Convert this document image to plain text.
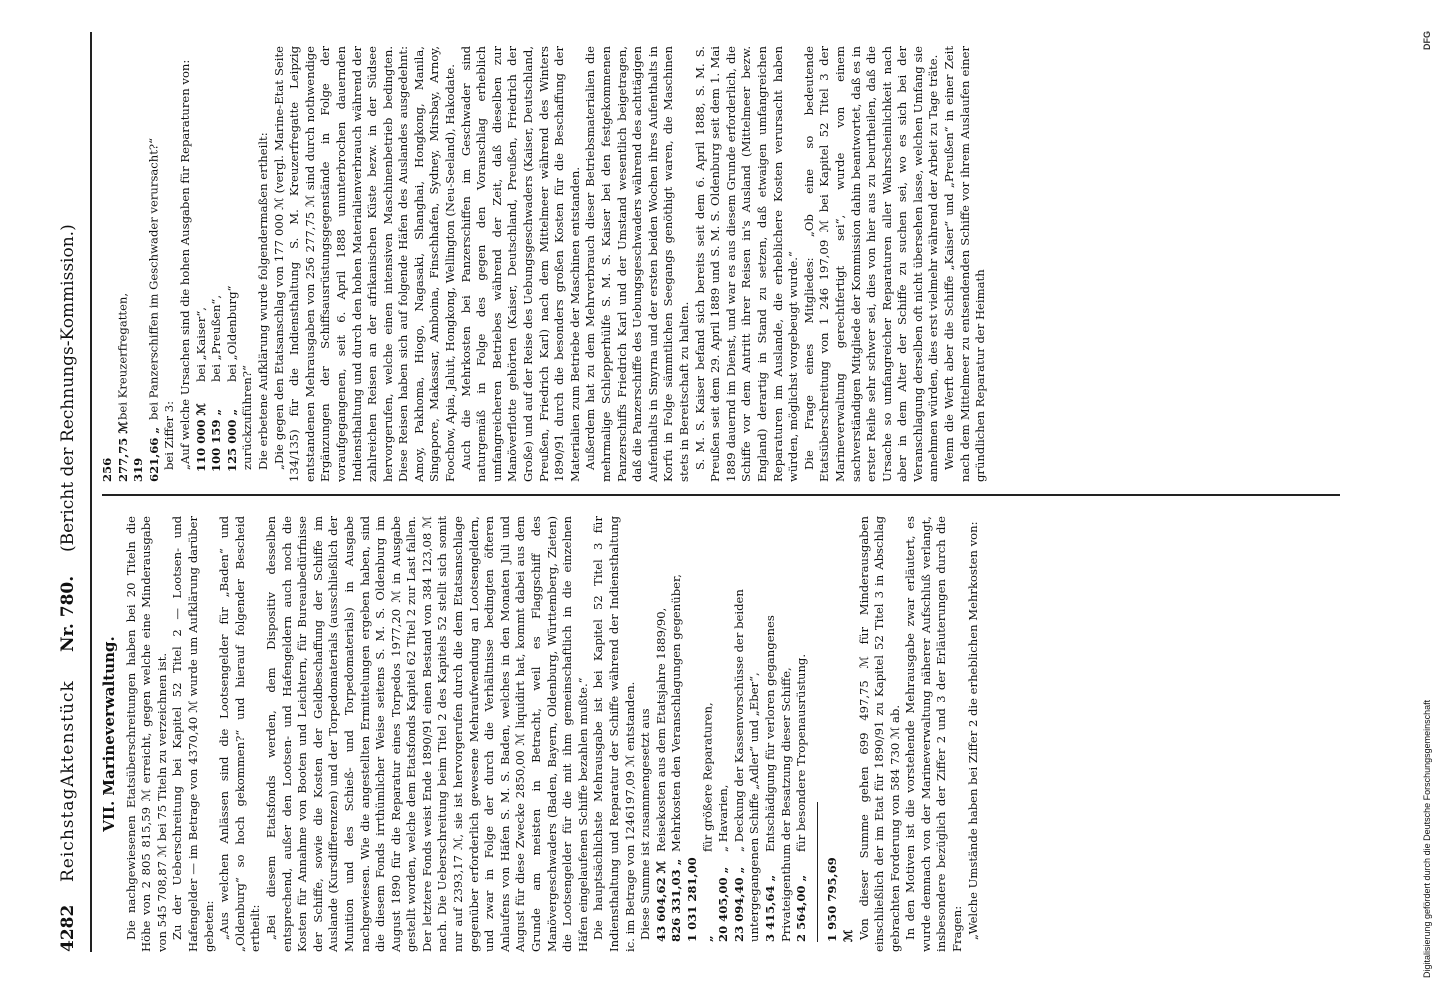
4282
Reichstag.
Aktenstück
Nr. 780.
(Bericht der Rechnungs-Kommission.)
VII. Marineverwaltung. Die nachgewiesenen Etatsüberschreitungen haben bei 20 Titeln die Höhe von 2 805 815,59 ℳ erreicht, gegen welche eine Minderausgabe von 545 708,87 ℳ bei 75 Titeln zu verzeichnen ist. Zu der Ueberschreitung bei Kapitel 52 Titel 2 — Lootsen- und Hafengelder — im Betrage von 4370,40 ℳ wurde um Aufklärung darüber gebeten: „Aus welchen Anlässen sind die Lootsengelder für „Baden“ und „Oldenburg“ so hoch gekommen?“ und hierauf folgender Bescheid ertheilt: „Bei diesem Etatsfonds werden, dem Dispositiv desselben entsprechend, außer den Lootsen- und Hafengeldern auch noch die Kosten für Annahme von Booten und Leichtern, für Bureaubedürfnisse der Schiffe, sowie die Kosten der Geldbeschaffung der Schiffe im Auslande (Kursdifferenzen) und der Torpedomaterials (ausschließlich der Munition und des Schieß- und Torpedomaterials) in Ausgabe nachgewiesen. Wie die angestellten Ermittelungen ergeben haben, sind die diesem Fonds irrthümlicher Weise seitens S. M. S. Oldenburg im August 1890 für die Reparatur eines Torpedos 1977,20 ℳ in Ausgabe gestellt worden, welche dem Etatsfonds Kapitel 62 Titel 2 zur Last fallen. Der letztere Fonds weist Ende 1890/91 einen Bestand von 384 123,08 ℳ nach. Die Ueberschreitung beim Titel 2 des Kapitels 52 stellt sich somit nur auf 2393,17 ℳ, sie ist hervorgerufen durch die dem Etatsanschlage gegenüber erforderlich gewesene Mehraufwendung an Lootsengeldern, und zwar in Folge der durch die Verhältnisse bedingten öfteren Anlaufens von Häfen S. M. S. Baden, welches in den Monaten Juli und August für diese Zwecke 2850,00 ℳ liquidirt hat, kommt dabei aus dem Grunde am meisten in Betracht, weil es Flaggschiff des Manövergeschwaders (Baden, Bayern, Oldenburg, Württemberg, Zieten) die Lootsengelder für die mit ihm gemeinschaftlich in die einzelnen Häfen eingelaufenen Schiffe bezahlen mußte.“ Die hauptsächlichste Mehrausgabe ist bei Kapitel 52 Titel 3 für Indiensthaltung und Reparatur der Schiffe während der Indiensthaltung ic. im Betrage von 1246197,09 ℳ entstanden. Diese Summe ist zusammengesetzt aus 43 604,62 ℳReisekosten aus dem Etatsjahre 1889/90,
826 331,03 „Mehrkosten den Veranschlagungen gegenüber,
1 031 281,00 „für größere Reparaturen,
20 405,00 „„ Havarien,
23 094,40 „„ Deckung der Kassenvorschüsse der beiden untergegangenen Schiffe „Adler“ und „Eber“, 3 415,64 „Entschädigung für verloren gegangenes Privateigenthum der Besatzung dieser Schiffe, 2 564,00 „für besondere Tropenausrüstung.
1 950 795,69 ℳ Von dieser Summe gehen 699 497,75 ℳ für Minderausgaben einschließlich der im Etat für 1890/91 zu Kapitel 52 Titel 3 in Abschlag gebrachten Forderung von 584 730 ℳ ab. In den Motiven ist die vorstehende Mehrausgabe zwar erläutert, es wurde demnach von der Marineverwaltung näherer Aufschluß verlangt, insbesondere bezüglich der Ziffer 2 und 3 der Erläuterungen durch die Fragen: „Welche Umstände haben bei Ziffer 2 die erheblichen Mehrkosten von:

256 277,75 ℳbei Kreuzerfregatten,
319 621,66 „bei Panzerschiffen im Geschwader verursacht?“

bei Ziffer 3: „Auf welche Ursachen sind die hohen Ausgaben für Reparaturen von: 110 000 ℳbei „Kaiser“,
100 159 „bei „Preußen“,
125 000 „bei „Oldenburg“

zurückzuführen?“ Die erbetene Aufklärung wurde folgendermaßen ertheilt: „Die gegen den Etatsanschlag von 177 000 ℳ (vergl. Marine-Etat Seite 134/135) für die Indiensthaltung S. M. Kreuzerfregatte Leipzig entstandenen Mehrausgaben von 256 277,75 ℳ sind durch nothwendige Ergänzungen der Schiffsausrüstungsgegenstände in Folge der voraufgegangenen, seit 6. April 1888 ununterbrochen dauernden Indiensthaltung und durch den hohen Materialienverbrauch während der zahlreichen Reisen an der afrikanischen Küste bezw. in der Südsee hervorgerufen, welche einen intensiven Maschinenbetrieb bedingten. Diese Reisen haben sich auf folgende Häfen des Auslandes ausgedehnt: Amoy, Pakhoma, Hiogo, Nagasaki, Shanghai, Hongkong, Manila, Singapore, Makassar, Amboina, Finschhafen, Sydney, Mirsbay, Arnoy, Foochow, Apia, Jaluit, Hongkong, Wellington (Neu-Seeland), Hakodate. Auch die Mehrkosten bei Panzerschiffen im Geschwader sind naturgemäß in Folge des gegen den Voranschlag erheblich umfangreicheren Betriebes während der Zeit, daß dieselben zur Manöverflotte gehörten (Kaiser, Deutschland, Preußen, Friedrich der Große) und auf der Reise des Uebungsgeschwaders (Kaiser, Deutschland, Preußen, Friedrich Karl) nach dem Mittelmeer während des Winters 1890/91 durch die besonders großen Kosten für die Beschaffung der Materialien zum Betriebe der Maschinen entstanden. Außerdem hat zu dem Mehrverbrauch dieser Betriebsmaterialien die mehrmalige Schlepperhülfe S. M. S. Kaiser bei den festgekommenen Panzerschiffs Friedrich Karl und der Umstand wesentlich beigetragen, daß die Panzerschiffe des Uebungsgeschwaders während des achttägigen Aufenthalts in Smyrna und der ersten beiden Wochen ihres Aufenthalts in Korfu in Folge sämmtlichen Seegangs genöthigt waren, die Maschinen stets in Bereitschaft zu halten. S. M. S. Kaiser befand sich bereits seit dem 6. April 1888, S. M. S. Preußen seit dem 29. April 1889 und S. M. S. Oldenburg seit dem 1. Mai 1889 dauernd im Dienst, und war es aus diesem Grunde erforderlich, die Schiffe vor dem Antritt ihrer Reisen in's Ausland (Mittelmeer bezw. England) derartig in Stand zu setzen, daß etwaigen umfangreichen Reparaturen im Auslande, die erheblichere Kosten verursacht haben würden, möglichst vorgebeugt wurde.“ Die Frage eines Mitgliedes: „Ob eine so bedeutende Etatsüberschreitung von 1 246 197,09 ℳ bei Kapitel 52 Titel 3 der Marineverwaltung gerechtfertigt sei“, wurde von einem sachverständigen Mitgliede der Kommission dahin beantwortet, daß es in erster Reihe sehr schwer sei, dies von hier aus zu beurtheilen, daß die Ursache so umfangreicher Reparaturen aller Wahrscheinlichkeit nach aber in dem Alter der Schiffe zu suchen sei, wo es sich bei der Veranschlagung derselben oft nicht übersehen lasse, welchen Umfang sie annehmen würden, dies erst vielmehr während der Arbeit zu Tage träte. Wenn die Werft aber die Schiffe „Kaiser“ und „Preußen“ in einer Zeit nach dem Mittelmeer zu entsendenden Schiffe vor ihrem Auslaufen einer gründlichen Reparatur der Heimath

Digitalisierung gefördert durch die Deutsche Forschungsgemeinschaft
DFG
